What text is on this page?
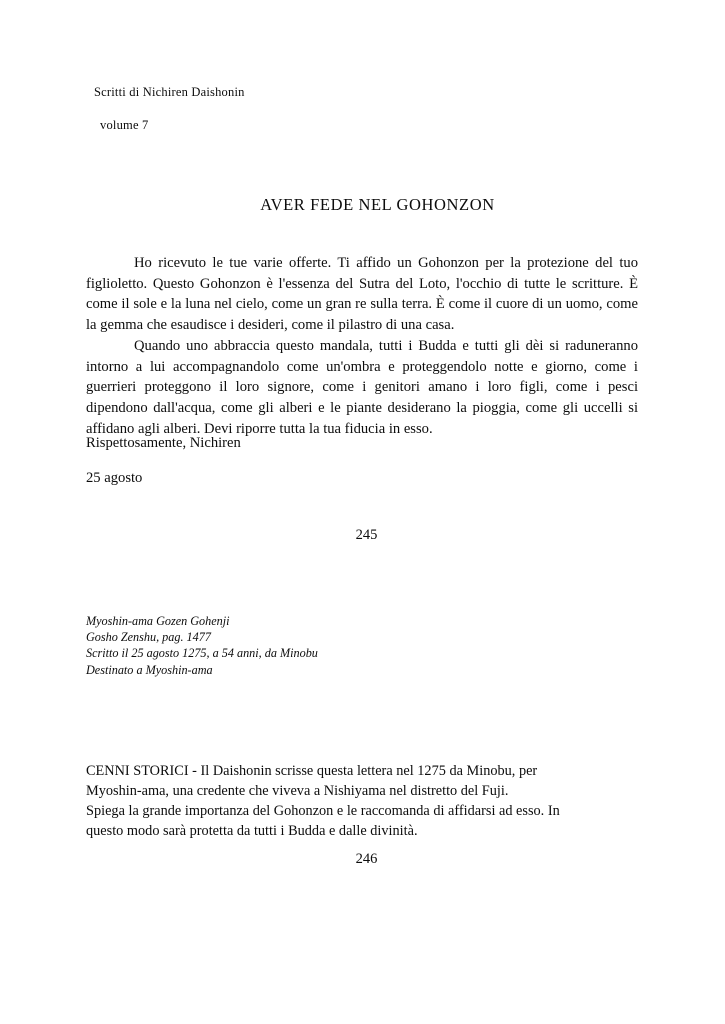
Scritti di Nichiren Daishonin
volume 7
AVER FEDE NEL GOHONZON

Ho ricevuto le tue varie offerte. Ti affido un Gohonzon per la protezione del tuo figlioletto. Questo Gohonzon è l'essenza del Sutra del Loto, l'occhio di tutte le scritture. È come il sole e la luna nel cielo, come un gran re sulla terra. È come il cuore di un uomo, come la gemma che esaudisce i desideri, come il pilastro di una casa.

Quando uno abbraccia questo mandala, tutti i Budda e tutti gli dèi si raduneranno intorno a lui accompagnandolo come un'ombra e proteggendolo notte e giorno, come i guerrieri proteggono il loro signore, come i genitori amano i loro figli, come i pesci dipendono dall'acqua, come gli alberi e le piante desiderano la pioggia, come gli uccelli si affidano agli alberi. Devi riporre tutta la tua fiducia in esso.

Rispettosamente, Nichiren
25 agosto
245
Myoshin-ama Gozen Gohenji
Gosho Zenshu, pag. 1477
Scritto il 25 agosto 1275, a 54 anni, da Minobu
Destinato a Myoshin-ama

CENNI STORICI - Il Daishonin scrisse questa lettera nel 1275 da Minobu, per

Myoshin-ama, una credente che viveva a Nishiyama nel distretto del Fuji.

Spiega la grande importanza del Gohonzon e le raccomanda di affidarsi ad esso. In

questo modo sarà protetta da tutti i Budda e dalle divinità.

246
